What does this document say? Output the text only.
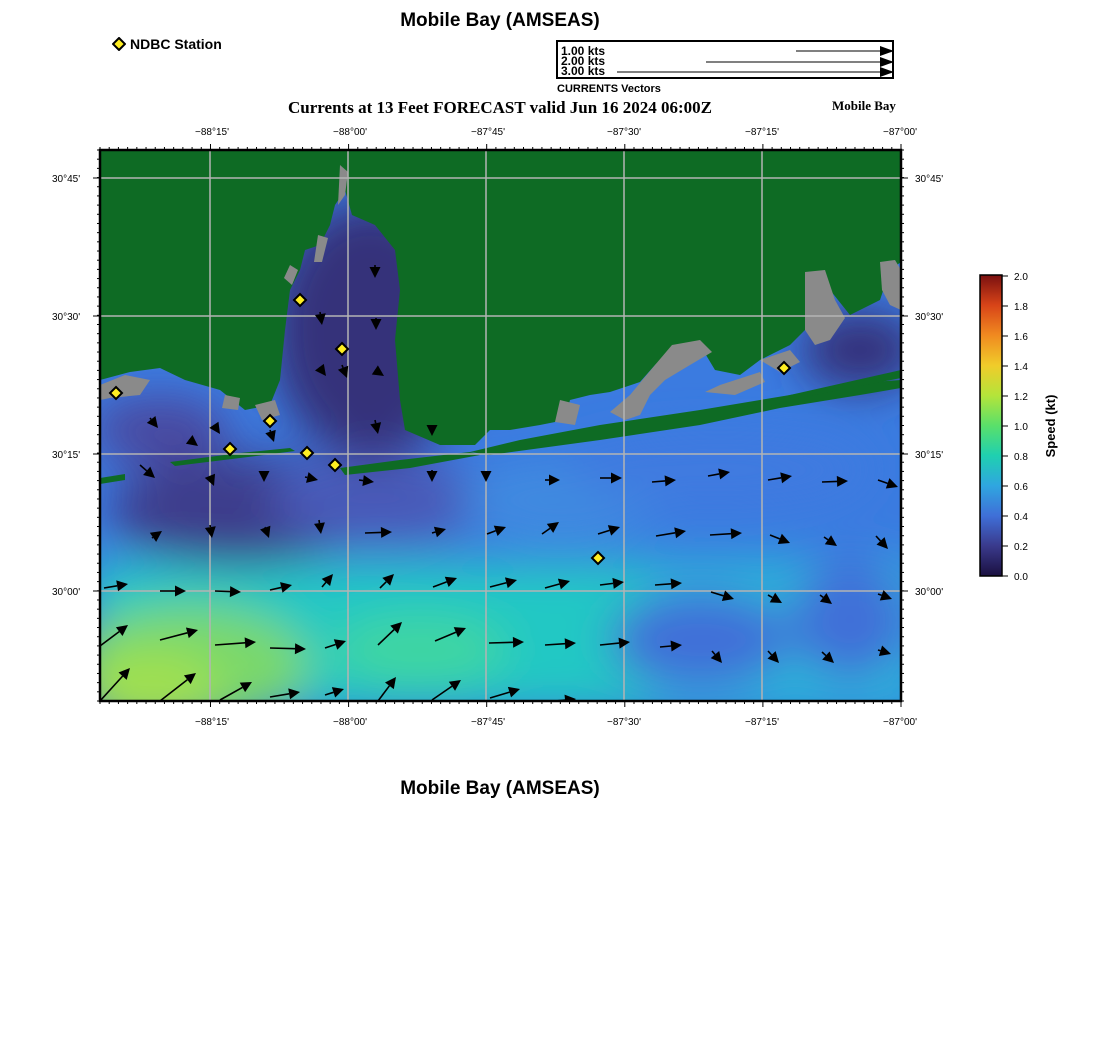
Mobile Bay (AMSEAS)
NDBC Station	1.00 kts
2.00 kts
3.00 kts
CURRENTS Vectors
Currents at 13 Feet FORECAST valid Jun 16 2024 06:00Z	Mobile Bay
−88°15'	−88°00'	−87°45'	−87°30'	−87°15'	−87°00'
−88°15'	−88°00'	−87°45'	−87°30'	−87°15'	−87°00'
30°45'
30°30'
30°15'
30°00'
30°45'
30°30'
30°15'
30°00'
2.0
1.8
1.6
1.4
1.2
1.0
0.8
0.6
0.4
0.2
0.0
Speed (kt)
Mobile Bay (AMSEAS)
